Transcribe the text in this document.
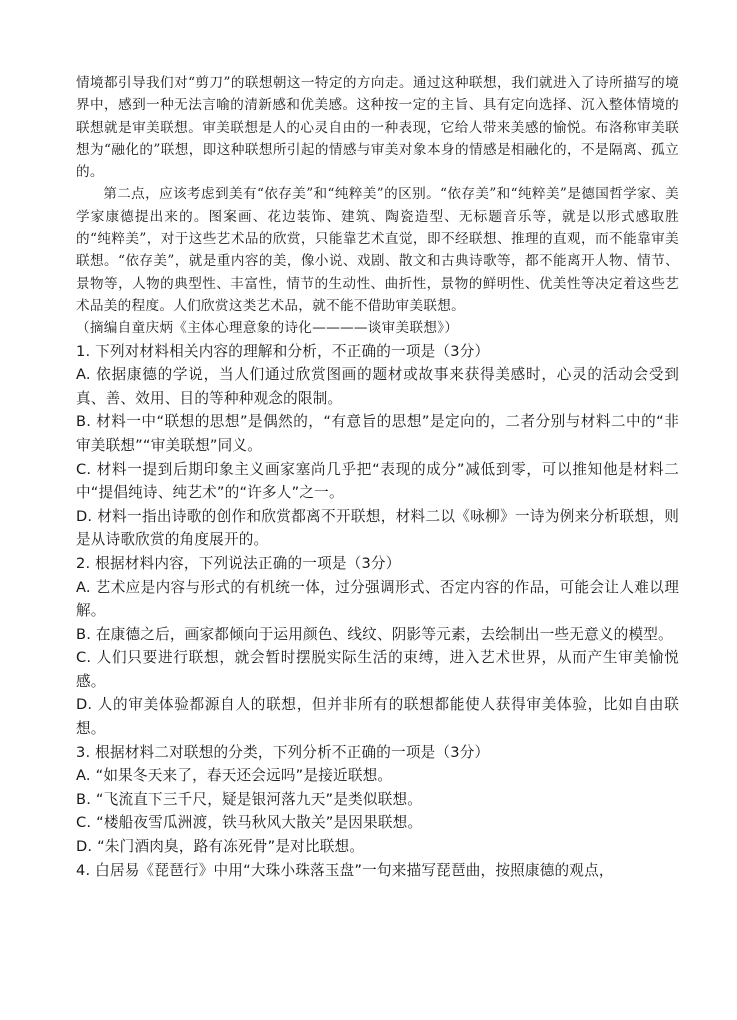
情境都引导我们对“剪刀”的联想朝这一特定的方向走。通过这种联想，我们就进入了诗所描写的境界中，感到一种无法言喻的清新感和优美感。这种按一定的主旨、具有定向选择、沉入整体情境的联想就是审美联想。审美联想是人的心灵自由的一种表现，它给人带来美感的愉悦。布洛称审美联想为“融化的”联想，即这种联想所引起的情感与审美对象本身的情感是相融化的，不是隔离、孤立的。

第二点，应该考虑到美有“依存美”和“纯粹美”的区别。“依存美”和“纯粹美”是德国哲学家、美学家康德提出来的。图案画、花边装饰、建筑、陶瓷造型、无标题音乐等，就是以形式感取胜的“纯粹美”，对于这些艺术品的欣赏，只能靠艺术直觉，即不经联想、推理的直观，而不能靠审美联想。“依存美”，就是重内容的美，像小说、戏剧、散文和古典诗歌等，都不能离开人物、情节、景物等，人物的典型性、丰富性，情节的生动性、曲折性，景物的鲜明性、优美性等决定着这些艺术品美的程度。人们欣赏这类艺术品，就不能不借助审美联想。

（摘编自童庆炳《主体心理意象的诗化————谈审美联想》）

1. 下列对材料相关内容的理解和分析，不正确的一项是（3分）

A. 依据康德的学说，当人们通过欣赏图画的题材或故事来获得美感时，心灵的活动会受到真、善、效用、目的等种种观念的限制。

B. 材料一中“联想的思想”是偶然的，“有意旨的思想”是定向的，二者分别与材料二中的“非审美联想”“审美联想”同义。

C. 材料一提到后期印象主义画家塞尚几乎把“表现的成分”减低到零，可以推知他是材料二中“提倡纯诗、纯艺术”的“许多人”之一。

D. 材料一指出诗歌的创作和欣赏都离不开联想，材料二以《咏柳》一诗为例来分析联想，则是从诗歌欣赏的角度展开的。

2. 根据材料内容，下列说法正确的一项是（3分）

A. 艺术应是内容与形式的有机统一体，过分强调形式、否定内容的作品，可能会让人难以理解。

B. 在康德之后，画家都倾向于运用颜色、线纹、阴影等元素，去绘制出一些无意义的模型。

C. 人们只要进行联想，就会暂时摆脱实际生活的束缚，进入艺术世界，从而产生审美愉悦感。

D. 人的审美体验都源自人的联想，但并非所有的联想都能使人获得审美体验，比如自由联想。

3. 根据材料二对联想的分类，下列分析不正确的一项是（3分）

A. “如果冬天来了，春天还会远吗”是接近联想。

B. “飞流直下三千尺，疑是银河落九天”是类似联想。

C. “楼船夜雪瓜洲渡，铁马秋风大散关”是因果联想。

D. “朱门酒肉臭，路有冻死骨”是对比联想。

4. 白居易《琵琶行》中用“大珠小珠落玉盘”一句来描写琵琶曲，按照康德的观点，
